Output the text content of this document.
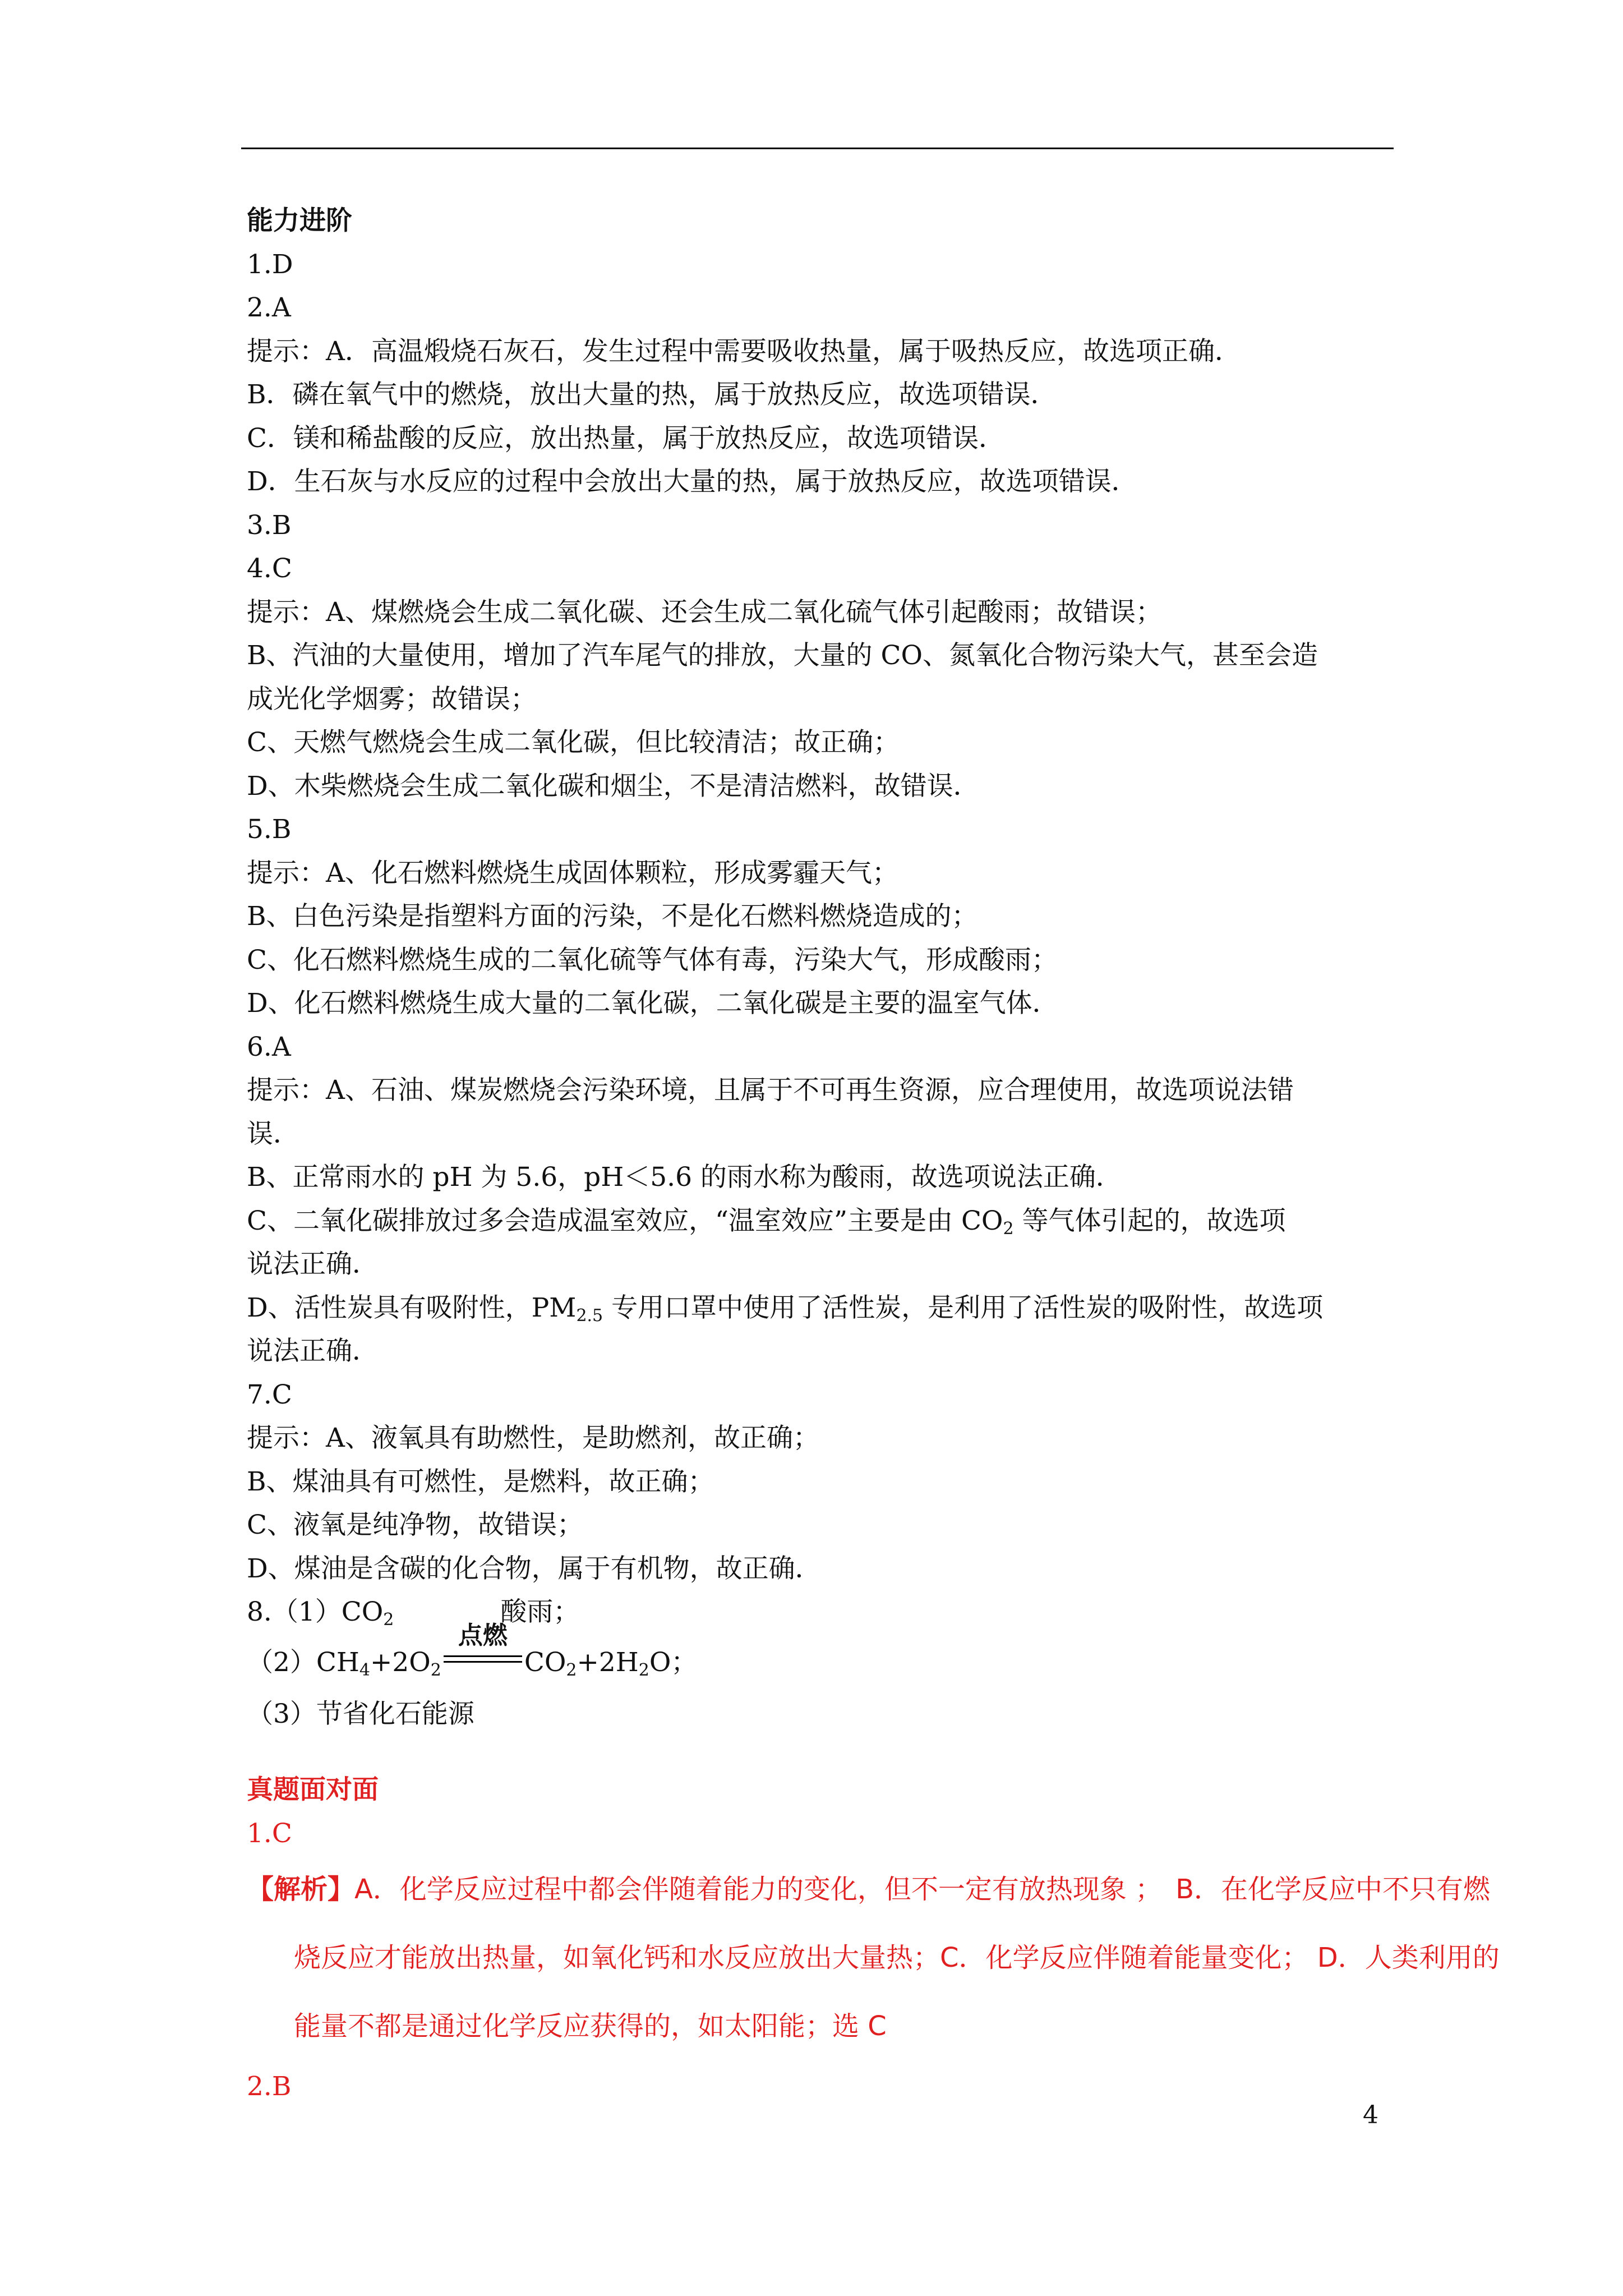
能力进阶
1.D
2.A
提示：A．高温煅烧石灰石，发生过程中需要吸收热量，属于吸热反应，故选项正确．
B．磷在氧气中的燃烧，放出大量的热，属于放热反应，故选项错误．
C．镁和稀盐酸的反应，放出热量，属于放热反应，故选项错误．
D．生石灰与水反应的过程中会放出大量的热，属于放热反应，故选项错误．
3.B
4.C
提示：A、煤燃烧会生成二氧化碳、还会生成二氧化硫气体引起酸雨；故错误；
B、汽油的大量使用，增加了汽车尾气的排放，大量的 CO、氮氧化合物污染大气，甚至会造
成光化学烟雾；故错误；
C、天燃气燃烧会生成二氧化碳，但比较清洁；故正确；
D、木柴燃烧会生成二氧化碳和烟尘，不是清洁燃料，故错误．
5.B
提示：A、化石燃料燃烧生成固体颗粒，形成雾霾天气；
B、白色污染是指塑料方面的污染，不是化石燃料燃烧造成的；
C、化石燃料燃烧生成的二氧化硫等气体有毒，污染大气，形成酸雨；
D、化石燃料燃烧生成大量的二氧化碳，二氧化碳是主要的温室气体．
6.A
提示：A、石油、煤炭燃烧会污染环境，且属于不可再生资源，应合理使用，故选项说法错
误．
B、正常雨水的 pH 为 5.6，pH＜5.6 的雨水称为酸雨，故选项说法正确．
C、二氧化碳排放过多会造成温室效应，“温室效应”主要是由 $CO_2$ 等气体引起的，故选项
说法正确．
D、活性炭具有吸附性，$PM_{2.5}$ 专用口罩中使用了活性炭，是利用了活性炭的吸附性，故选项
说法正确．
7.C
提示：A、液氧具有助燃性，是助燃剂，故正确；
B、煤油具有可燃性，是燃料，故正确；
C、液氧是纯净物，故错误；
D、煤油是含碳的化合物，属于有机物，故正确．
$8.(1)CO_2$	酸雨；
$(2)CH_4+2O_2$
点燃
$CO_2+2H_2O$；
（3）节省化石能源
真题面对面
1.C
【解析】A．化学反应过程中都会伴随着能力的变化，但不一定有放热现象 ；　B．在化学反应中不只有燃
烧反应才能放出热量，如氧化钙和水反应放出大量热；C．化学反应伴随着能量变化； D．人类利用的
能量不都是通过化学反应获得的，如太阳能；选 C
2.B
4
